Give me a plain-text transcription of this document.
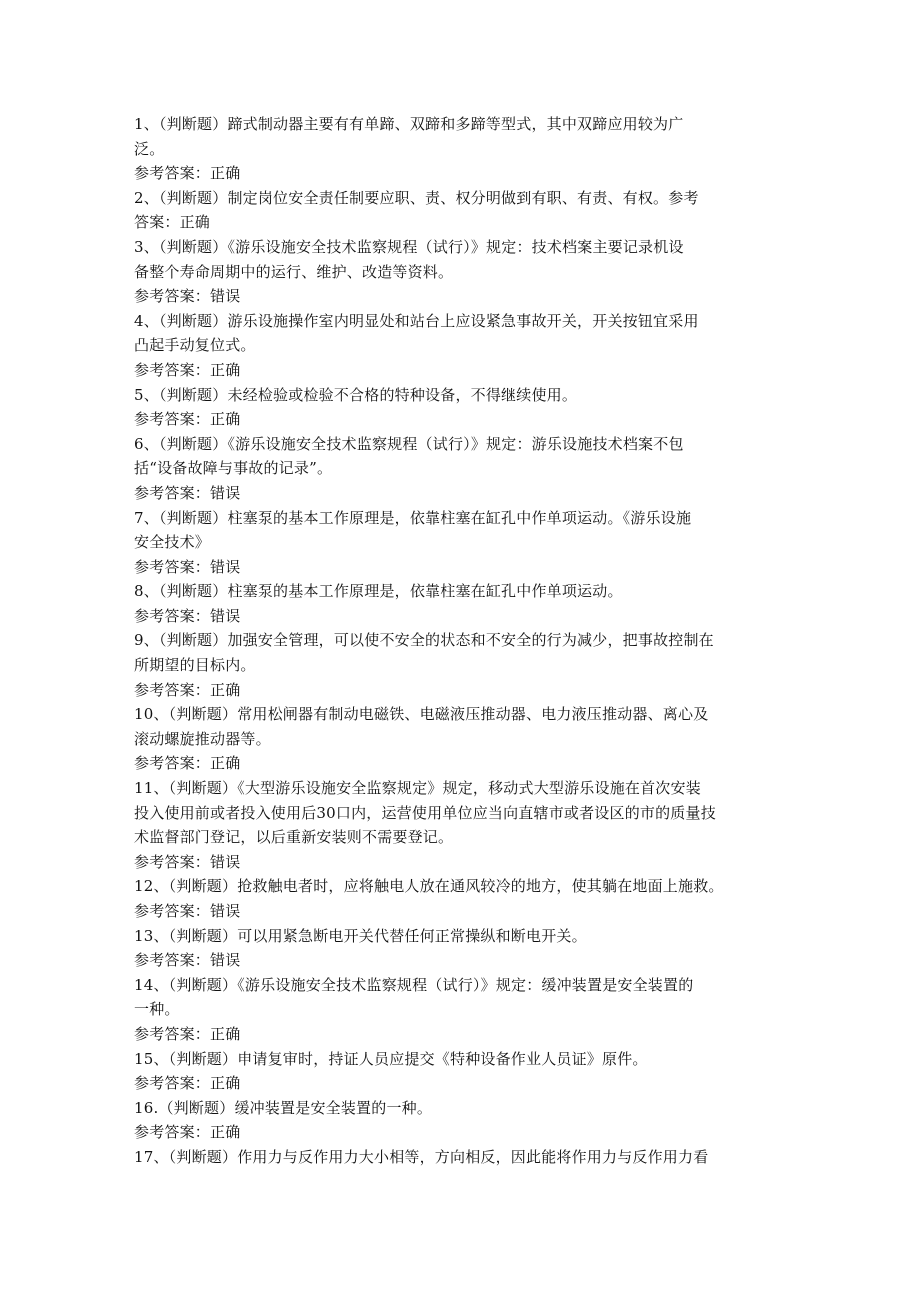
1、（判断题）蹄式制动器主要有有单蹄、双蹄和多蹄等型式，其中双蹄应用较为广
泛。
参考答案：正确
2、（判断题）制定岗位安全责任制要应职、责、权分明做到有职、有责、有权。参考
答案：正确
3、（判断题）《游乐设施安全技术监察规程（试行）》规定：技术档案主要记录机设
备整个寿命周期中的运行、维护、改造等资料。
参考答案：错误
4、（判断题）游乐设施操作室内明显处和站台上应设紧急事故开关，开关按钮宜采用
凸起手动复位式。
参考答案：正确
5、（判断题）未经检验或检验不合格的特种设备，不得继续使用。
参考答案：正确
6、（判断题）《游乐设施安全技术监察规程（试行）》规定：游乐设施技术档案不包
括“设备故障与事故的记录”。
参考答案：错误
7、（判断题）柱塞泵的基本工作原理是，依靠柱塞在缸孔中作单项运动。《游乐设施
安全技术》
参考答案：错误
8、（判断题）柱塞泵的基本工作原理是，依靠柱塞在缸孔中作单项运动。
参考答案：错误
9、（判断题）加强安全管理，可以使不安全的状态和不安全的行为减少，把事故控制在
所期望的目标内。
参考答案：正确
10、（判断题）常用松闸器有制动电磁铁、电磁液压推动器、电力液压推动器、离心及
滚动螺旋推动器等。
参考答案：正确
11、（判断题）《大型游乐设施安全监察规定》规定，移动式大型游乐设施在首次安装
投入使用前或者投入使用后30口内，运营使用单位应当向直辖市或者设区的市的质量技
术监督部门登记，以后重新安装则不需要登记。
参考答案：错误
12、（判断题）抢救触电者时，应将触电人放在通风较冷的地方，使其躺在地面上施救。
参考答案：错误
13、（判断题）可以用紧急断电开关代替任何正常操纵和断电开关。
参考答案：错误
14、（判断题）《游乐设施安全技术监察规程（试行）》规定：缓冲装置是安全装置的
一种。
参考答案：正确
15、（判断题）申请复审时，持证人员应提交《特种设备作业人员证》原件。
参考答案：正确
16.（判断题）缓冲装置是安全装置的一种。
参考答案：正确
17、（判断题）作用力与反作用力大小相等，方向相反，因此能将作用力与反作用力看
